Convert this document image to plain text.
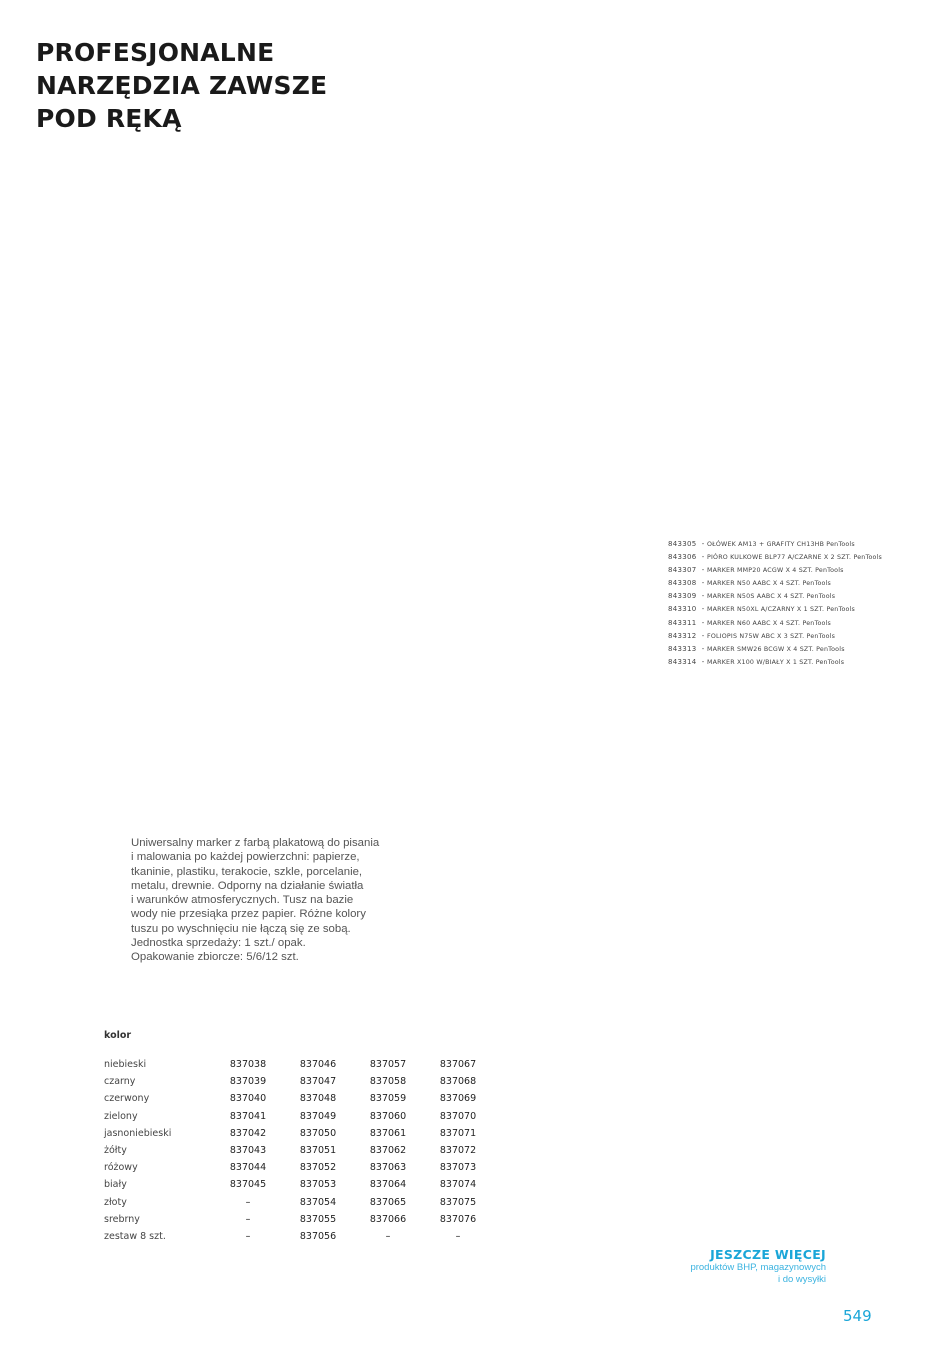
PROFESJONALNE
NARZĘDZIA ZAWSZE
POD RĘKĄ
843305 - OŁÓWEK AM13 + GRAFITY CH13HB PenTools
843306 - PIÓRO KULKOWE BLP77 A/CZARNE X 2 SZT. PenTools
843307 - MARKER MMP20 ACGW X 4 SZT. PenTools
843308 - MARKER N50 AABC X 4 SZT. PenTools
843309 - MARKER N50S AABC X 4 SZT. PenTools
843310 - MARKER N50XL A/CZARNY X 1 SZT. PenTools
843311 - MARKER N60 AABC X 4 SZT. PenTools
843312 - FOLIOPIS N75W ABC X 3 SZT. PenTools
843313 - MARKER SMW26 BCGW X 4 SZT. PenTools
843314 - MARKER X100 W/BIAŁY X 1 SZT. PenTools

Uniwersalny marker z farbą plakatową do pisania

i malowania po każdej powierzchni: papierze,

tkaninie, plastiku, terakocie, szkle, porcelanie,

metalu, drewnie. Odporny na działanie światła

i warunków atmosferycznych. Tusz na bazie

wody nie przesiąka przez papier. Różne kolory

tuszu po wyschnięciu nie łączą się ze sobą.

Jednostka sprzedaży: 1 szt./ opak.

Opakowanie zbiorcze: 5/6/12 szt.

kolor
niebieski	837038	837046	837057	837067
czarny	837039	837047	837058	837068
czerwony	837040	837048	837059	837069
zielony	837041	837049	837060	837070
jasnoniebieski	837042	837050	837061	837071
żółty	837043	837051	837062	837072
różowy	837044	837052	837063	837073
biały	837045	837053	837064	837074
złoty	–	837054	837065	837075
srebrny	–	837055	837066	837076
zestaw 8 szt.	–	837056	–	–
JESZCZE WIĘCEJ
produktów BHP, magazynowych
i do wysyłki
549
